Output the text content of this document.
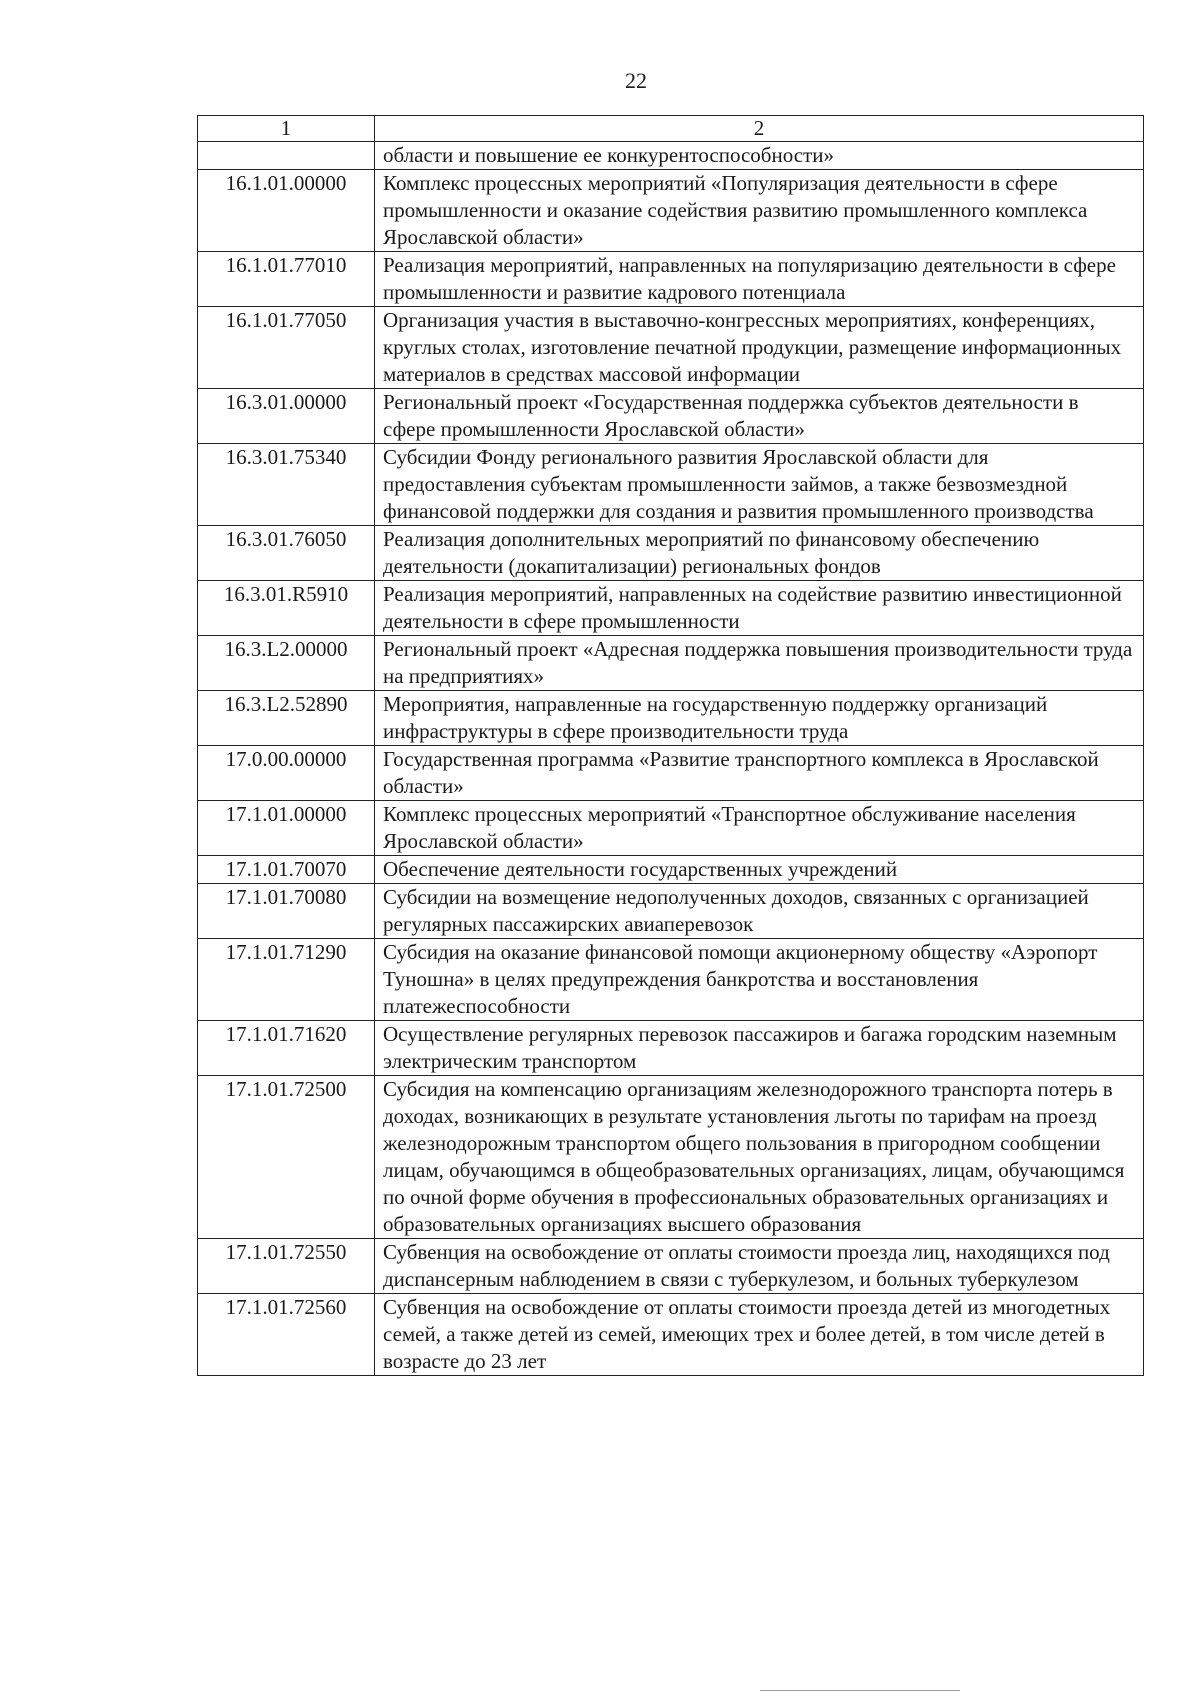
22
1	2
	области и повышение ее конкурентоспособности»
16.1.01.00000	Комплекс процессных мероприятий «Популяризация деятельности в сфере промышленности и оказание содействия развитию промышленного комплекса Ярославской области»
16.1.01.77010	Реализация мероприятий, направленных на популяризацию деятельности в сфере промышленности и развитие кадрового потенциала
16.1.01.77050	Организация участия в выставочно-конгрессных мероприятиях, конференциях, круглых столах, изготовление печатной продукции, размещение информационных материалов в средствах массовой информации
16.3.01.00000	Региональный проект «Государственная поддержка субъектов деятельности в сфере промышленности Ярославской области»
16.3.01.75340	Субсидии Фонду регионального развития Ярославской области для предоставления субъектам промышленности займов, а также безвозмездной финансовой поддержки для создания и развития промышленного производства
16.3.01.76050	Реализация дополнительных мероприятий по финансовому обеспечению деятельности (докапитализации) региональных фондов
16.3.01.R5910	Реализация мероприятий, направленных на содействие развитию инвестиционной деятельности в сфере промышленности
16.3.L2.00000	Региональный проект «Адресная поддержка повышения производительности труда на предприятиях»
16.3.L2.52890	Мероприятия, направленные на государственную поддержку организаций инфраструктуры в сфере производительности труда
17.0.00.00000	Государственная программа «Развитие транспортного комплекса в Ярославской области»
17.1.01.00000	Комплекс процессных мероприятий «Транспортное обслуживание населения Ярославской области»
17.1.01.70070	Обеспечение деятельности государственных учреждений
17.1.01.70080	Субсидии на возмещение недополученных доходов, связанных с организацией регулярных пассажирских авиаперевозок
17.1.01.71290	Субсидия на оказание финансовой помощи акционерному обществу «Аэропорт Туношна» в целях предупреждения банкротства и восстановления платежеспособности
17.1.01.71620	Осуществление регулярных перевозок пассажиров и багажа городским наземным электрическим транспортом
17.1.01.72500	Субсидия на компенсацию организациям железнодорожного транспорта потерь в доходах, возникающих в результате установления льготы по тарифам на проезд железнодорожным транспортом общего пользования в пригородном сообщении лицам, обучающимся в общеобразовательных организациях, лицам, обучающимся по очной форме обучения в профессиональных образовательных организациях и образовательных организациях высшего образования
17.1.01.72550	Субвенция на освобождение от оплаты стоимости проезда лиц, находящихся под диспансерным наблюдением в связи с туберкулезом, и больных туберкулезом
17.1.01.72560	Субвенция на освобождение от оплаты стоимости проезда детей из многодетных семей, а также детей из семей, имеющих трех и более детей, в том числе детей в возрасте до 23 лет
